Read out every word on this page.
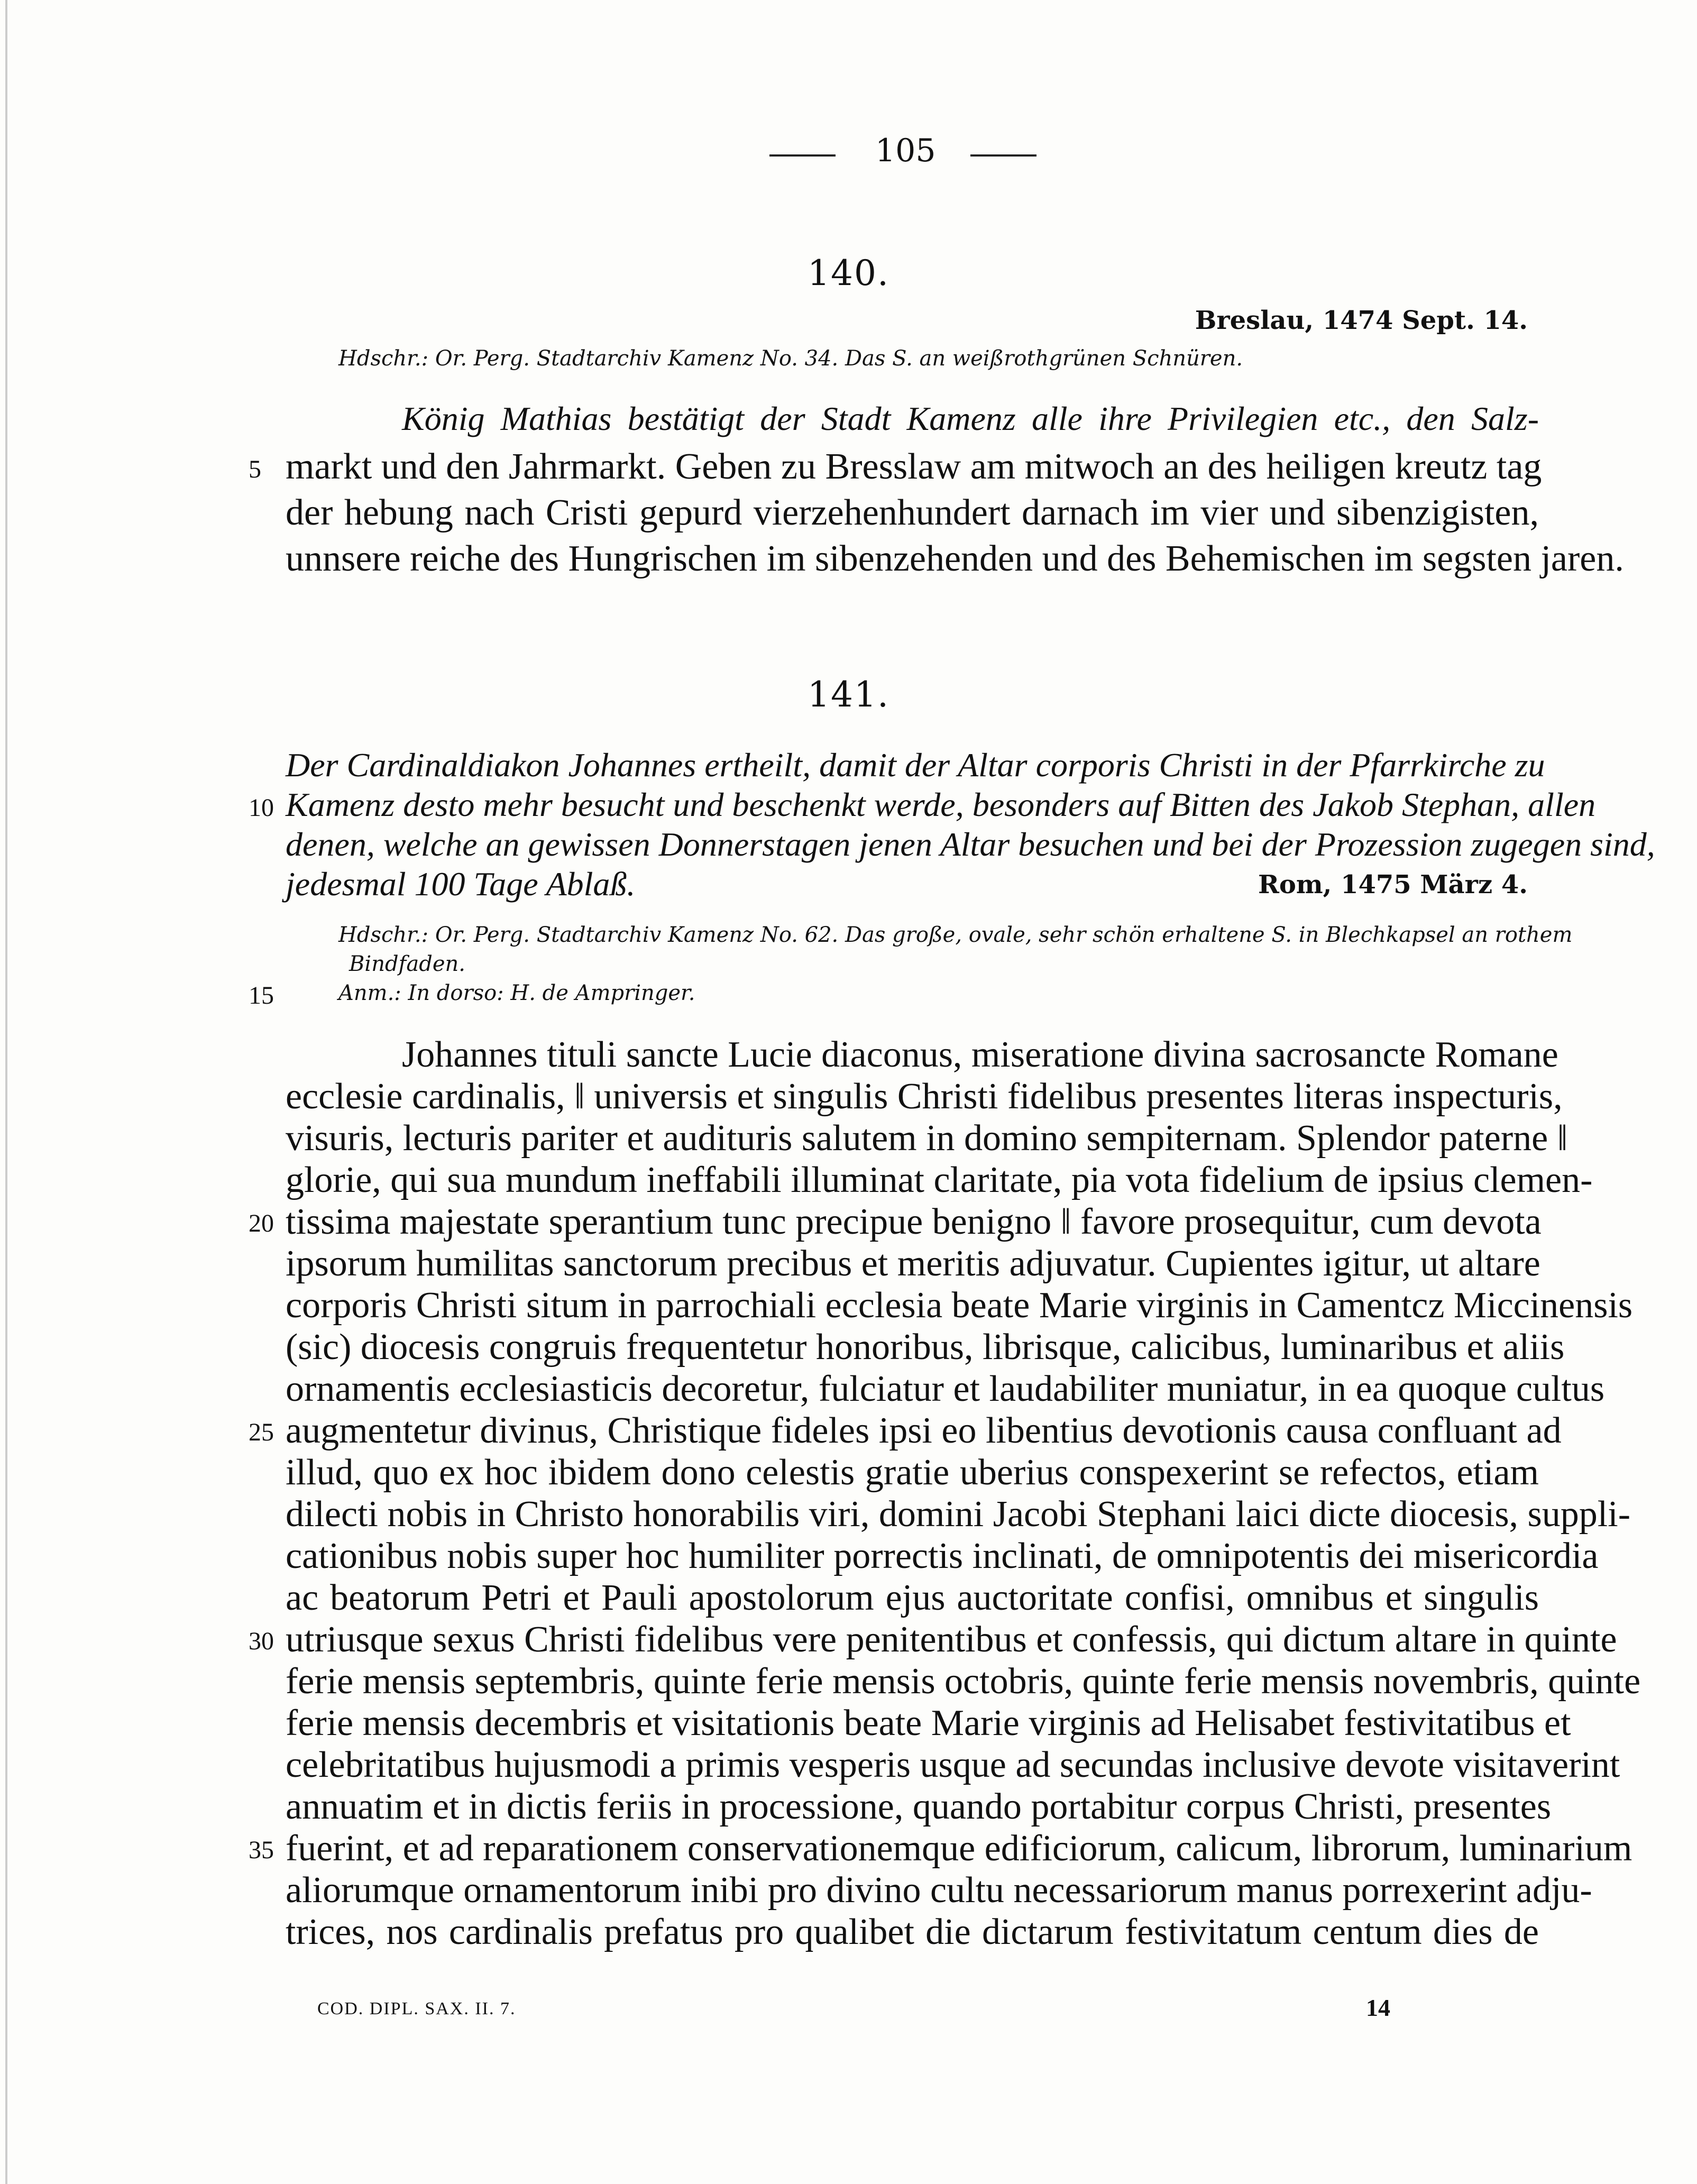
105
140.
Breslau, 1474 Sept. 14.
Hdschr.: Or. Perg. Stadtarchiv Kamenz No. 34. Das S. an weißrothgrünen Schnüren.
König Mathias bestätigt der Stadt Kamenz alle ihre Privilegien etc., den Salz-
5 markt und den Jahrmarkt. Geben zu Bresslaw am mitwoch an des heiligen kreutz tag
der hebung nach Cristi gepurd vierzehenhundert darnach im vier und sibenzigisten,
unnsere reiche des Hungrischen im sibenzehenden und des Behemischen im segsten jaren.
141.
Der Cardinaldiakon Johannes ertheilt, damit der Altar corporis Christi in der Pfarrkirche zu
10 Kamenz desto mehr besucht und beschenkt werde, besonders auf Bitten des Jakob Stephan, allen
denen, welche an gewissen Donnerstagen jenen Altar besuchen und bei der Prozession zugegen sind,
jedesmal 100 Tage Ablaß.	Rom, 1475 März 4.
Hdschr.: Or. Perg. Stadtarchiv Kamenz No. 62. Das große, ovale, sehr schön erhaltene S. in Blechkapsel an rothem
Bindfaden.
15	Anm.: In dorso: H. de Ampringer.
Johannes tituli sancte Lucie diaconus, miseratione divina sacrosancte Romane
ecclesie cardinalis, ‖ universis et singulis Christi fidelibus presentes literas inspecturis,
visuris, lecturis pariter et audituris salutem in domino sempiternam. Splendor paterne ‖
glorie, qui sua mundum ineffabili illuminat claritate, pia vota fidelium de ipsius clemen-
20 tissima majestate sperantium tunc precipue benigno ‖ favore prosequitur, cum devota
ipsorum humilitas sanctorum precibus et meritis adjuvatur. Cupientes igitur, ut altare
corporis Christi situm in parrochiali ecclesia beate Marie virginis in Camentcz Miccinensis
(sic) diocesis congruis frequentetur honoribus, librisque, calicibus, luminaribus et aliis
ornamentis ecclesiasticis decoretur, fulciatur et laudabiliter muniatur, in ea quoque cultus
25 augmentetur divinus, Christique fideles ipsi eo libentius devotionis causa confluant ad
illud, quo ex hoc ibidem dono celestis gratie uberius conspexerint se refectos, etiam
dilecti nobis in Christo honorabilis viri, domini Jacobi Stephani laici dicte diocesis, suppli-
cationibus nobis super hoc humiliter porrectis inclinati, de omnipotentis dei misericordia
ac beatorum Petri et Pauli apostolorum ejus auctoritate confisi, omnibus et singulis
30 utriusque sexus Christi fidelibus vere penitentibus et confessis, qui dictum altare in quinte
ferie mensis septembris, quinte ferie mensis octobris, quinte ferie mensis novembris, quinte
ferie mensis decembris et visitationis beate Marie virginis ad Helisabet festivitatibus et
celebritatibus hujusmodi a primis vesperis usque ad secundas inclusive devote visitaverint
annuatim et in dictis feriis in processione, quando portabitur corpus Christi, presentes
35 fuerint, et ad reparationem conservationemque edificiorum, calicum, librorum, luminarium
aliorumque ornamentorum inibi pro divino cultu necessariorum manus porrexerint adju-
COD. DIPL. SAX. II. 7.	14
trices, nos cardinalis prefatus pro qualibet die dictarum festivitatum centum dies de
